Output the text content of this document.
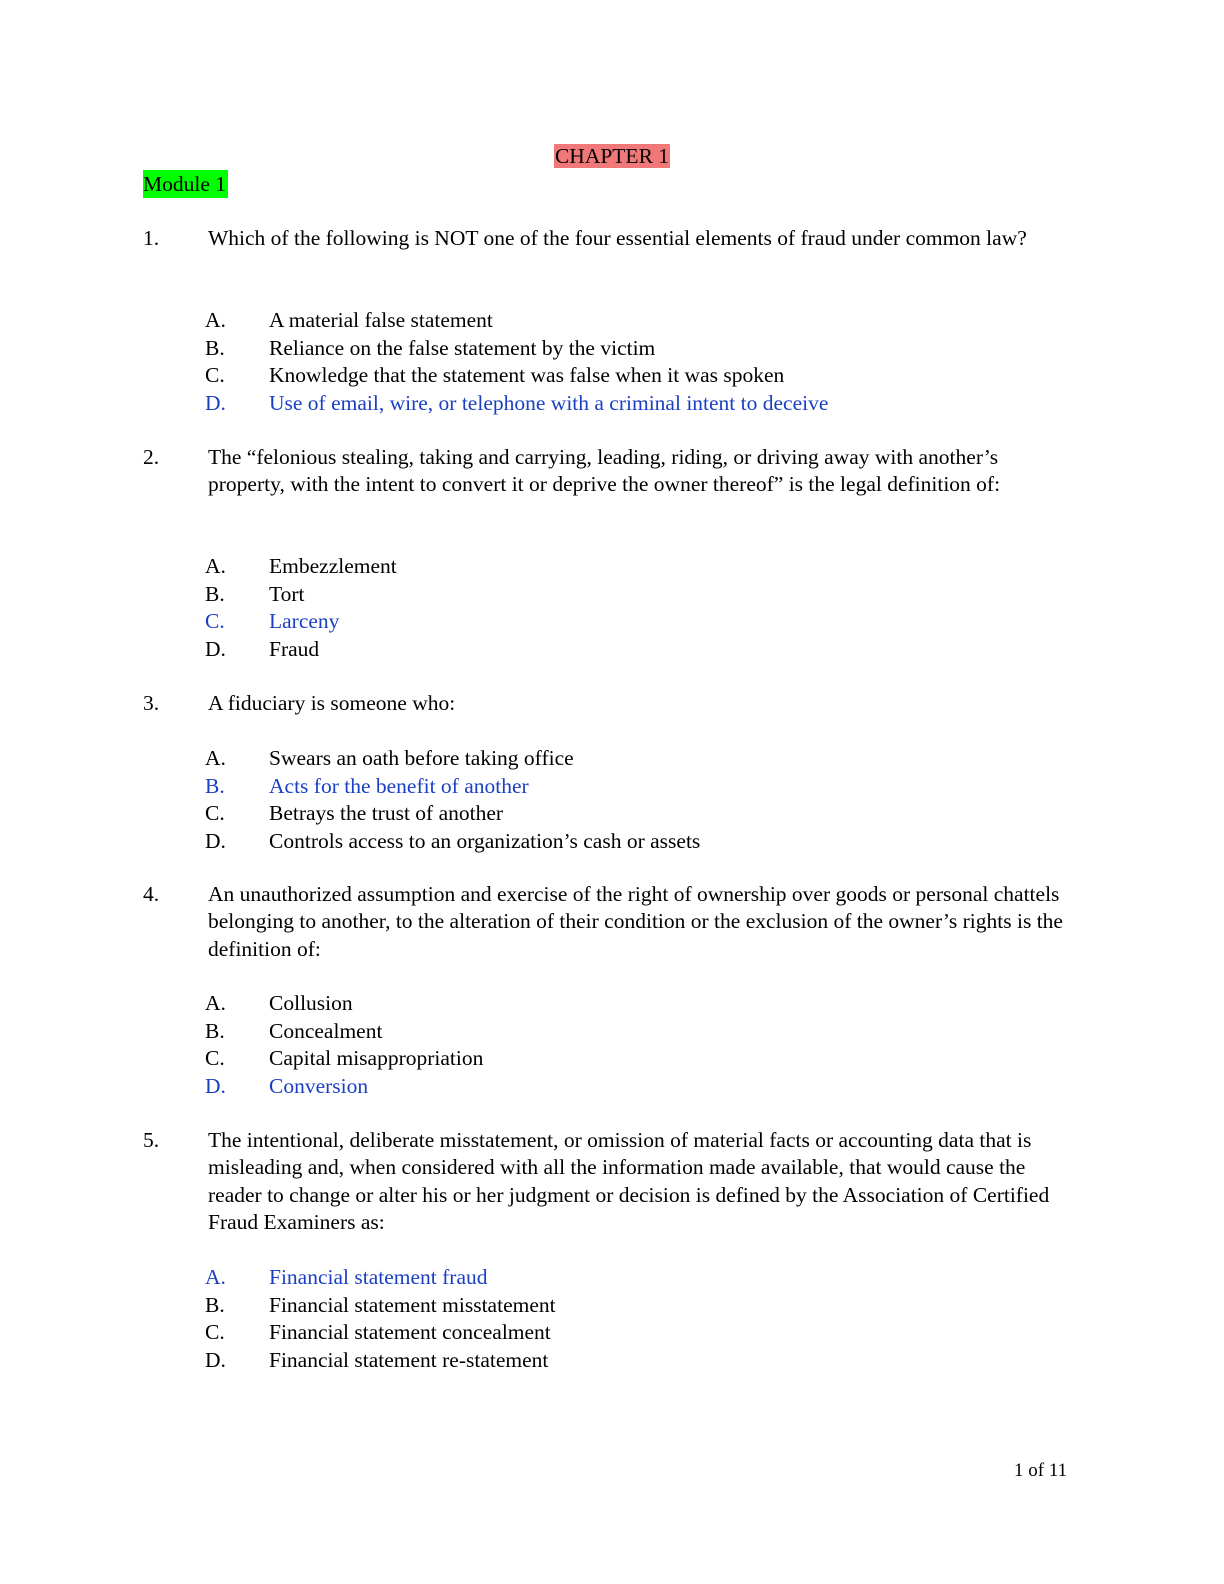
CHAPTER 1
Module 1
1. Which of the following is NOT one of the four essential elements of fraud under common law?
A. A material false statement
B. Reliance on the false statement by the victim
C. Knowledge that the statement was false when it was spoken
D. Use of email, wire, or telephone with a criminal intent to deceive
2. The “felonious stealing, taking and carrying, leading, riding, or driving away with another’s property, with the intent to convert it or deprive the owner thereof” is the legal definition of:
A. Embezzlement
B. Tort
C. Larceny
D. Fraud
3. A fiduciary is someone who:
A. Swears an oath before taking office
B. Acts for the benefit of another
C. Betrays the trust of another
D. Controls access to an organization’s cash or assets
4. An unauthorized assumption and exercise of the right of ownership over goods or personal chattels belonging to another, to the alteration of their condition or the exclusion of the owner’s rights is the definition of:
A. Collusion
B. Concealment
C. Capital misappropriation
D. Conversion
5. The intentional, deliberate misstatement, or omission of material facts or accounting data that is misleading and, when considered with all the information made available, that would cause the reader to change or alter his or her judgment or decision is defined by the Association of Certified Fraud Examiners as:
A. Financial statement fraud
B. Financial statement misstatement
C. Financial statement concealment
D. Financial statement re-statement
1 of 11
